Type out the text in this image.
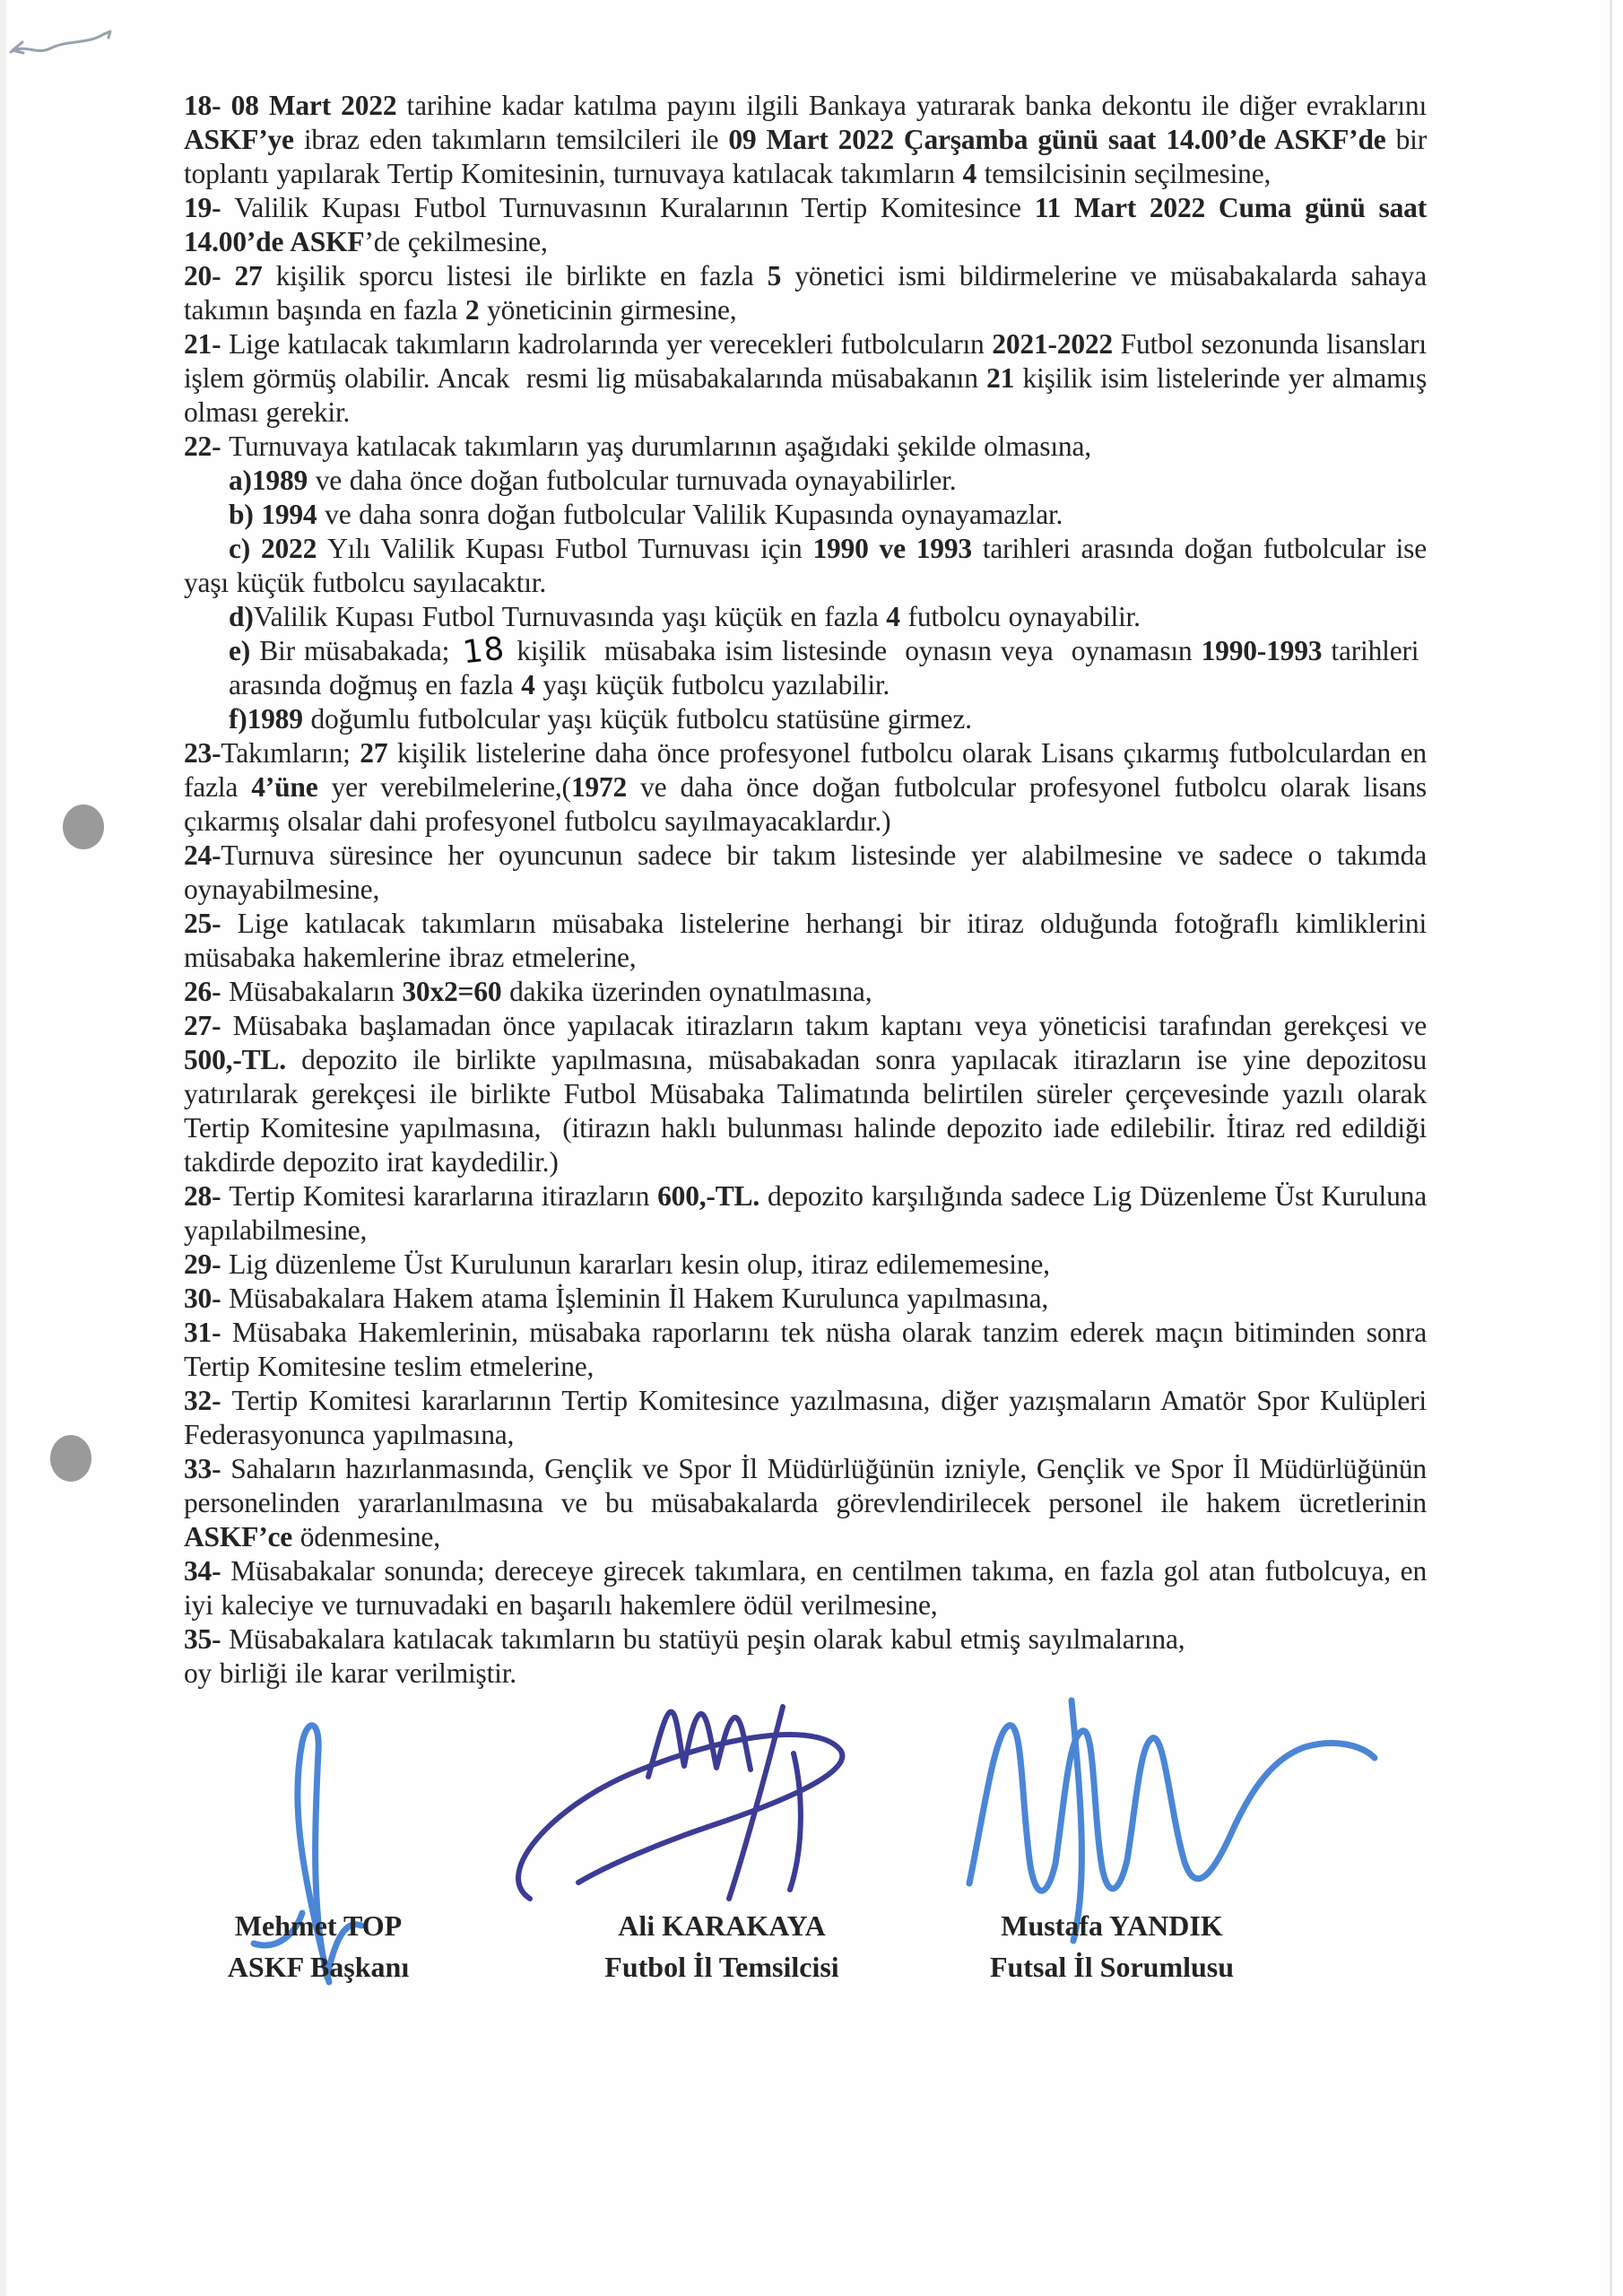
18- 08 Mart 2022 tarihine kadar katılma payını ilgili Bankaya yatırarak banka dekontu ile diğer evraklarını ASKF’ye ibraz eden takımların temsilcileri ile 09 Mart 2022 Çarşamba günü saat 14.00’de ASKF’de bir toplantı yapılarak Tertip Komitesinin, turnuvaya katılacak takımların 4 temsilcisinin seçilmesine,

19- Valilik Kupası Futbol Turnuvasının Kuralarının Tertip Komitesince 11 Mart 2022 Cuma günü saat 14.00’de ASKF’de çekilmesine,

20- 27 kişilik sporcu listesi ile birlikte en fazla 5 yönetici ismi bildirmelerine ve müsabakalarda sahaya takımın başında en fazla 2 yöneticinin girmesine,

21- Lige katılacak takımların kadrolarında yer verecekleri futbolcuların 2021-2022 Futbol sezonunda lisansları işlem görmüş olabilir. Ancak  resmi lig müsabakalarında müsabakanın 21 kişilik isim listelerinde yer almamış olması gerekir.

22- Turnuvaya katılacak takımların yaş durumlarının aşağıdaki şekilde olmasına,

a)1989 ve daha önce doğan futbolcular turnuvada oynayabilirler.

b) 1994 ve daha sonra doğan futbolcular Valilik Kupasında oynayamazlar.

c) 2022 Yılı Valilik Kupası Futbol Turnuvası için 1990 ve 1993 tarihleri arasında doğan futbolcular ise yaşı küçük futbolcu sayılacaktır.

d)Valilik Kupası Futbol Turnuvasında yaşı küçük en fazla 4 futbolcu oynayabilir.

e) Bir müsabakada; 18 kişilik  müsabaka isim listesinde  oynasın veya  oynamasın 1990-1993 tarihleri  arasında doğmuş en fazla 4 yaşı küçük futbolcu yazılabilir.

f)1989 doğumlu futbolcular yaşı küçük futbolcu statüsüne girmez.

23-Takımların; 27 kişilik listelerine daha önce profesyonel futbolcu olarak Lisans çıkarmış futbolculardan en fazla 4’üne yer verebilmelerine,(1972 ve daha önce doğan futbolcular profesyonel futbolcu olarak lisans çıkarmış olsalar dahi profesyonel futbolcu sayılmayacaklardır.)

24-Turnuva süresince her oyuncunun sadece bir takım listesinde yer alabilmesine ve sadece o takımda oynayabilmesine,

25- Lige katılacak takımların müsabaka listelerine herhangi bir itiraz olduğunda fotoğraflı kimliklerini müsabaka hakemlerine ibraz etmelerine,

26- Müsabakaların 30x2=60 dakika üzerinden oynatılmasına,

27- Müsabaka başlamadan önce yapılacak itirazların takım kaptanı veya yöneticisi tarafından gerekçesi ve 500,-TL. depozito ile birlikte yapılmasına, müsabakadan sonra yapılacak itirazların ise yine depozitosu yatırılarak gerekçesi ile birlikte Futbol Müsabaka Talimatında belirtilen süreler çerçevesinde yazılı olarak Tertip Komitesine yapılmasına,  (itirazın haklı bulunması halinde depozito iade edilebilir. İtiraz red edildiği takdirde depozito irat kaydedilir.)

28- Tertip Komitesi kararlarına itirazların 600,-TL. depozito karşılığında sadece Lig Düzenleme Üst Kuruluna yapılabilmesine,

29- Lig düzenleme Üst Kurulunun kararları kesin olup, itiraz edilememesine,

30- Müsabakalara Hakem atama İşleminin İl Hakem Kurulunca yapılmasına,

31- Müsabaka Hakemlerinin, müsabaka raporlarını tek nüsha olarak tanzim ederek maçın bitiminden sonra Tertip Komitesine teslim etmelerine,

32- Tertip Komitesi kararlarının Tertip Komitesince yazılmasına, diğer yazışmaların Amatör Spor Kulüpleri Federasyonunca yapılmasına,

33- Sahaların hazırlanmasında, Gençlik ve Spor İl Müdürlüğünün izniyle, Gençlik ve Spor İl Müdürlüğünün personelinden yararlanılmasına ve bu müsabakalarda görevlendirilecek personel ile hakem ücretlerinin ASKF’ce ödenmesine,

34- Müsabakalar sonunda; dereceye girecek takımlara, en centilmen takıma, en fazla gol atan futbolcuya, en iyi kaleciye ve turnuvadaki en başarılı hakemlere ödül verilmesine,

35- Müsabakalara katılacak takımların bu statüyü peşin olarak kabul etmiş sayılmalarına,

oy birliği ile karar verilmiştir.

Mehmet TOP
ASKF Başkanı
Ali KARAKAYA
Futbol İl Temsilcisi
Mustafa YANDIK
Futsal İl Sorumlusu
